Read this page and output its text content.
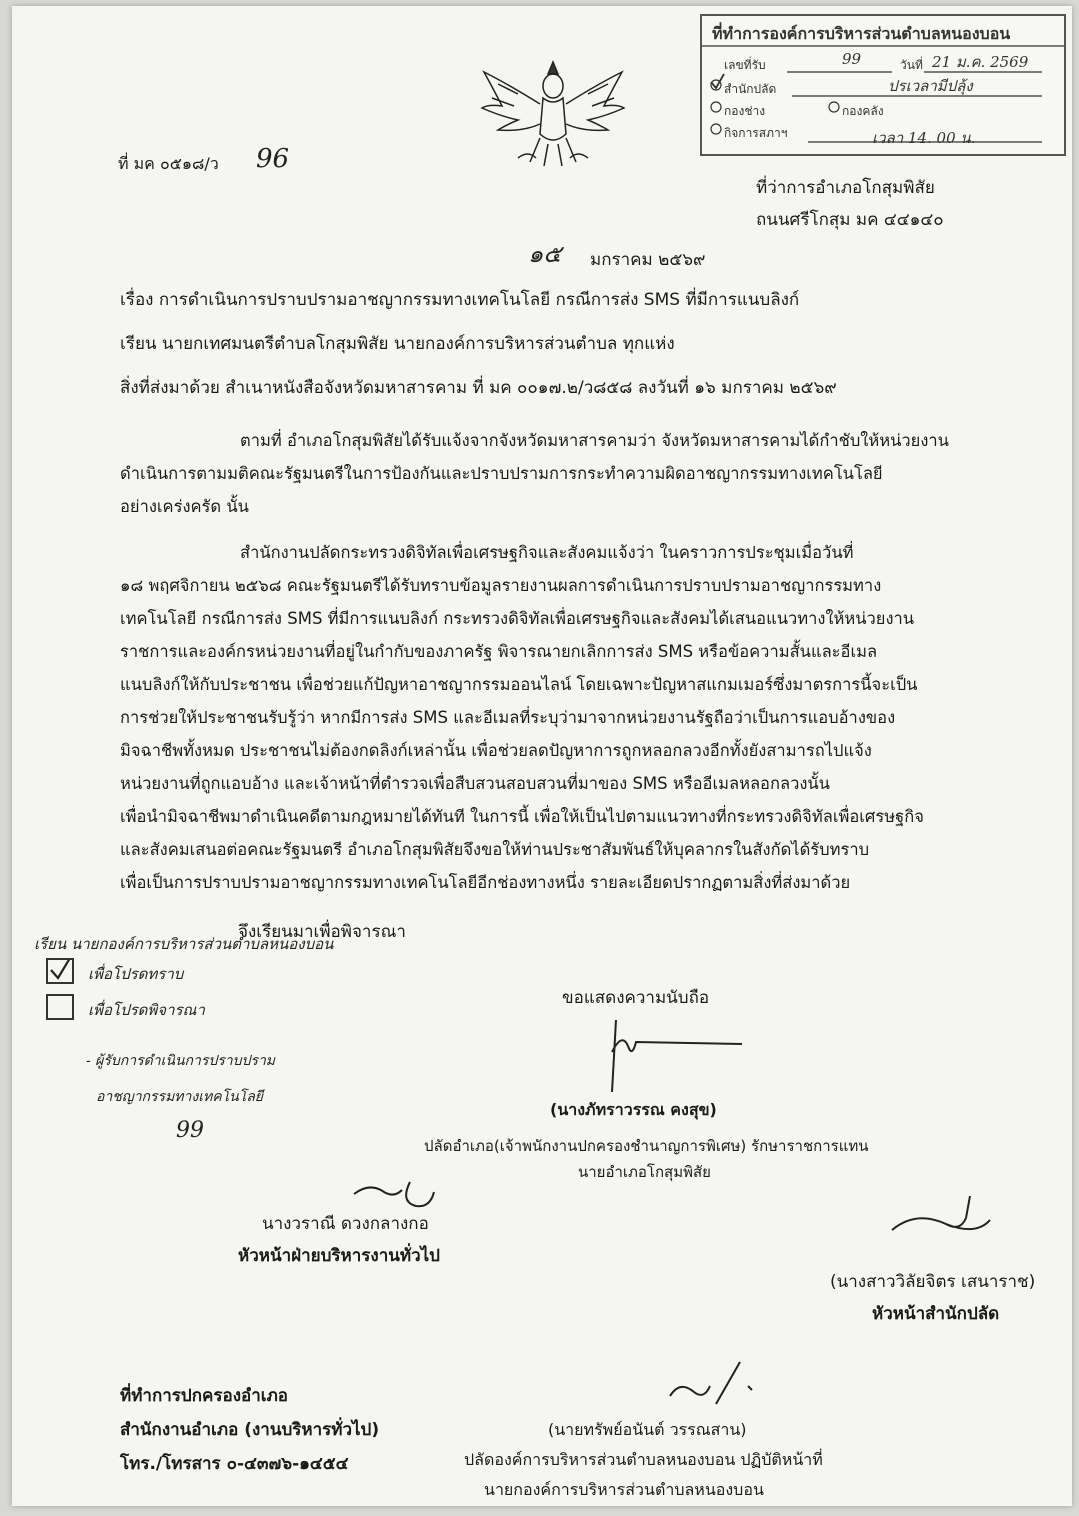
ที่ทำการองค์การบริหารส่วนตำบลหนองบอน
เลขที่รับ	99	วันที่ 21 ม.ค. 2569
สำนักปลัด	ปรเวลามีปลุ้ง
กองช่าง	กองคลัง
กิจการสภาฯ	เวลา 14. 00 น.
ที่ มค ๐๕๑๘/ว 96
ที่ว่าการอำเภอโกสุมพิสัย
ถนนศรีโกสุม มค ๔๔๑๔๐
๑๕ มกราคม ๒๕๖๙
เรื่อง การดำเนินการปราบปรามอาชญากรรมทางเทคโนโลยี กรณีการส่ง SMS ที่มีการแนบลิงก์
เรียน นายกเทศมนตรีตำบลโกสุมพิสัย นายกองค์การบริหารส่วนตำบล ทุกแห่ง
สิ่งที่ส่งมาด้วย สำเนาหนังสือจังหวัดมหาสารคาม ที่ มค ๐๐๑๗.๒/ว๘๕๘ ลงวันที่ ๑๖ มกราคม ๒๕๖๙
ตามที่ อำเภอโกสุมพิสัยได้รับแจ้งจากจังหวัดมหาสารคามว่า จังหวัดมหาสารคามได้กำชับให้หน่วยงาน
ดำเนินการตามมติคณะรัฐมนตรีในการป้องกันและปราบปรามการกระทำความผิดอาชญากรรมทางเทคโนโลยี
อย่างเคร่งครัด นั้น
สำนักงานปลัดกระทรวงดิจิทัลเพื่อเศรษฐกิจและสังคมแจ้งว่า ในคราวการประชุมเมื่อวันที่
๑๘ พฤศจิกายน ๒๕๖๘ คณะรัฐมนตรีได้รับทราบข้อมูลรายงานผลการดำเนินการปราบปรามอาชญากรรมทาง
เทคโนโลยี กรณีการส่ง SMS ที่มีการแนบลิงก์ กระทรวงดิจิทัลเพื่อเศรษฐกิจและสังคมได้เสนอแนวทางให้หน่วยงาน
ราชการและองค์กรหน่วยงานที่อยู่ในกำกับของภาครัฐ พิจารณายกเลิกการส่ง SMS หรือข้อความสั้นและอีเมล
แนบลิงก์ให้กับประชาชน เพื่อช่วยแก้ปัญหาอาชญากรรมออนไลน์ โดยเฉพาะปัญหาสแกมเมอร์ซึ่งมาตรการนี้จะเป็น
การช่วยให้ประชาชนรับรู้ว่า หากมีการส่ง SMS และอีเมลที่ระบุว่ามาจากหน่วยงานรัฐถือว่าเป็นการแอบอ้างของ
มิจฉาชีพทั้งหมด ประชาชนไม่ต้องกดลิงก์เหล่านั้น เพื่อช่วยลดปัญหาการถูกหลอกลวงอีกทั้งยังสามารถไปแจ้ง
หน่วยงานที่ถูกแอบอ้าง และเจ้าหน้าที่ตำรวจเพื่อสืบสวนสอบสวนที่มาของ SMS หรืออีเมลหลอกลวงนั้น
เพื่อนำมิจฉาชีพมาดำเนินคดีตามกฎหมายได้ทันที ในการนี้ เพื่อให้เป็นไปตามแนวทางที่กระทรวงดิจิทัลเพื่อเศรษฐกิจ
และสังคมเสนอต่อคณะรัฐมนตรี อำเภอโกสุมพิสัยจึงขอให้ท่านประชาสัมพันธ์ให้บุคลากรในสังกัดได้รับทราบ
เพื่อเป็นการปราบปรามอาชญากรรมทางเทคโนโลยีอีกช่องทางหนึ่ง รายละเอียดปรากฏตามสิ่งที่ส่งมาด้วย
จึงเรียนมาเพื่อพิจารณา
ขอแสดงความนับถือ
เรียน นายกองค์การบริหารส่วนตำบลหนองบอน
เพื่อโปรดทราบ
เพื่อโปรดพิจารณา
- ผู้รับการดำเนินการปราบปราม
อาชญากรรมทางเทคโนโลยี
99
(นางภัทราวรรณ คงสุข)
ปลัดอำเภอ(เจ้าพนักงานปกครองชำนาญการพิเศษ) รักษาราชการแทน
นายอำเภอโกสุมพิสัย
นางวราณี ดวงกลางกอ
หัวหน้าฝ่ายบริหารงานทั่วไป
(นางสาววิลัยจิตร เสนาราช)
หัวหน้าสำนักปลัด
ที่ทำการปกครองอำเภอ
สำนักงานอำเภอ (งานบริหารทั่วไป)
โทร./โทรสาร ๐-๔๓๗๖-๑๔๕๔
(นายทรัพย์อนันต์ วรรณสาน)
ปลัดองค์การบริหารส่วนตำบลหนองบอน ปฏิบัติหน้าที่
นายกองค์การบริหารส่วนตำบลหนองบอน
